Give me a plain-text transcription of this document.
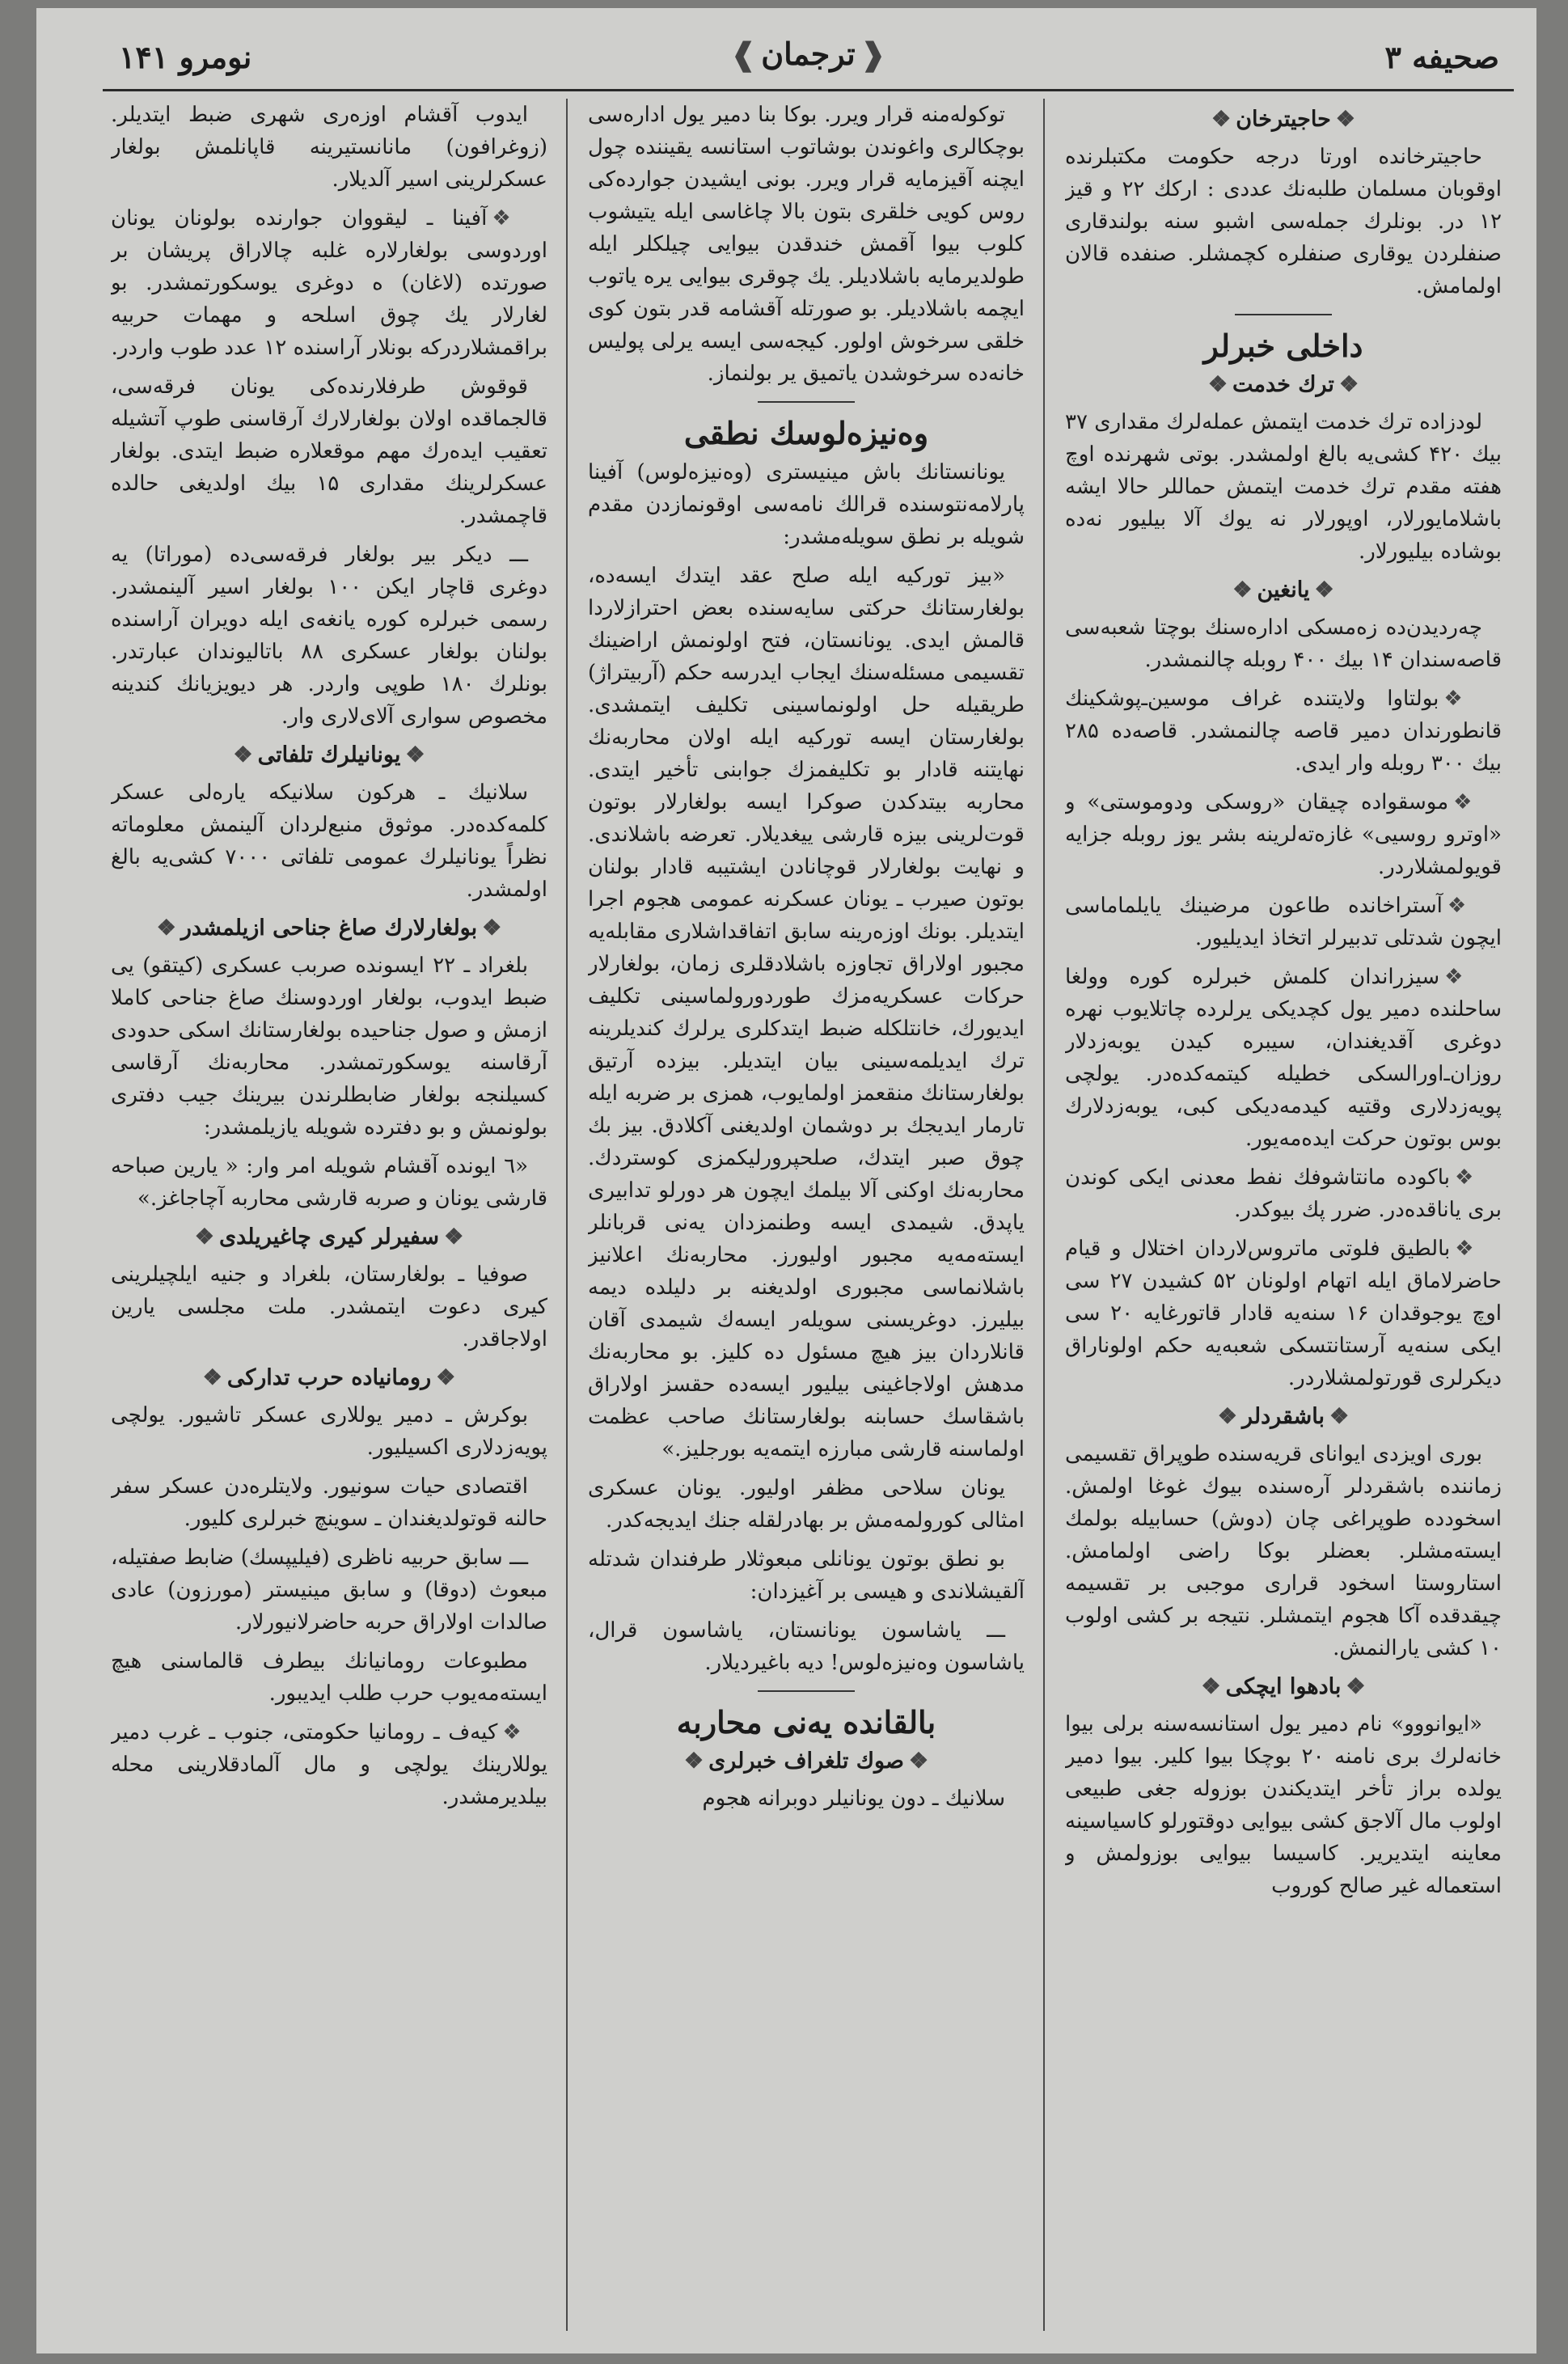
صحیفه ۳
❰ترجمان❱
نومرو ۱۴۱
❖حاجیترخان❖

حاجیترخانده اورتا درجه حکومت مکتبلرنده اوقوبان مسلمان طلبه‌نك عددی : ارکك ۲۲ و قیز ۱۲ در. بونلرك جمله‌سی اشبو سنه بولندقاری صنفلردن یوقاری صنفلره کچمشلر. صنفده قالان اولمامش.

داخلی خبرلر
❖ترك خدمت❖

لودزاده ترك خدمت ایتمش عمله‌لرك مقداری ۳۷ بیك ۴۲۰ کشی‌یه بالغ اولمشدر. بوتی شهرنده اوچ هفته مقدم ترك خدمت ایتمش حماللر حالا ایشه باشلامایورلار، اوپورلار نه یوك آلا بیلیور نه‌ده بوشاده بیلیورلار.

❖یانغین❖

چه‌ردیدن‌ده زه‌مسکی اداره‌سنك بوچتا شعبه‌سی قاصه‌سندان ۱۴ بیك ۴۰۰ روبله چالنمشدر.

❖بولتاوا ولایتنده غراف موسین‌ـ‌پوشکینك قانطورندان دمیر قاصه چالنمشدر. قاصه‌ده ۲۸۵ بیك ۳۰۰ روبله وار ایدی.

❖موسقواده چیقان «روسکی ودوموستی» و «اوترو روسیی» غازه‌ته‌لرینه بشر یوز روبله جزایه قویولمشلاردر.

❖آستراخانده طاعون مرضینك یایلماماسی ایچون شدتلی تدبیرلر اتخاذ ایدیلیور.

❖سیزراندان کلمش خبرلره کوره وولغا ساحلنده دمیر یول کچدیکی یرلرده چاتلایوب نهره دوغری آقدیغندان، سیبره کیدن یوبه‌زدلار روزان‌ـ‌اورالسکی خطیله کیتمه‌کده‌در. یولچی پویه‌زدلاری وقتیه کیدمه‌دیکی کبی، یوبه‌زدلارك بوس بوتون حرکت ایده‌مه‌یور.

❖باکوده مانتاشوفك نفط معدنی ایکی کوندن بری یاناقده‌در. ضرر پك بیوکدر.

❖بالطیق فلوتی ماتروس‌لاردان اختلال و قیام حاضرلاماق ایله اتهام اولونان ۵۲ کشیدن ۲۷ سی اوچ یوجوقدان ۱۶ سنه‌یه قادار قاتورغایه ۲۰ سی ایکی سنه‌یه آرستانتسکی شعبه‌یه حکم اولوناراق دیکرلری قورتولمشلاردر.

❖باشقردلر❖

بوری اویزدی ایوانای قریه‌سنده طوپراق تقسیمی زماننده باشقردلر آره‌سنده بیوك غوغا اولمش. اسخودده طوپراغی چان (دوش) حسابیله بولمك ایسته‌مشلر. بعضلر بوکا راضی اولمامش. استاروستا اسخود قراری موجبی بر تقسیمه چیقدقده آکا هجوم ایتمشلر. نتیجه بر کشی اولوب ۱۰ کشی یارالنمش.

❖بادهوا ایچکی❖

«ایوانووو» نام دمیر یول استانسه‌سنه برلی بیوا خانه‌لرك بری نامنه ۲۰ بوچکا بیوا کلیر. بیوا دمیر یولده براز تأخر ایتدیکندن بوزوله جغی طبیعی اولوب مال آلاجق کشی بیوایی دوقتورلو کاسیاسینه معاینه ایتدیریر. کاسیسا بیوایی بوزولمش و استعماله غیر صالح کوروب

توکوله‌منه قرار ویرر. بوکا بنا دمیر یول اداره‌سی بوچکالری واغوندن بوشاتوب استانسه یقیننده چول ایچنه آقیزمایه قرار ویرر. بونی ایشیدن جوارده‌کی روس کویی خلقری بتون بالا چاغاسی ایله یتیشوب کلوب بیوا آقمش خندقدن بیوایی چیلکلر ایله طولدیرمایه باشلادیلر. یك چوقری بیوایی یره یاتوب ایچمه باشلادیلر. بو صورتله آقشامه قدر بتون کوی خلقی سرخوش اولور. کیجه‌سی ایسه یرلی پولیس خانه‌ده سرخوشدن یاتمیق یر بولنماز.

وه‌نیزه‌لوسك نطقی

یونانستانك باش مینیستری (وه‌نیزه‌لوس) آفینا پارلامه‌نتوسنده قرالك نامه‌سی اوقونمازدن مقدم شویله بر نطق سویله‌مشدر:

«بیز تورکیه ایله صلح عقد ایتدك ایسه‌ده، بولغارستانك حرکتی سایه‌سنده بعض احتراز‌لاردا قالمش ایدی. یونانستان، فتح اولونمش اراضینك تقسیمی مسئله‌سنك ایجاب ایدرسه حکم (آربیتراژ) طریقیله حل اولونماسینی تکلیف ایتمشدی. بولغارستان ایسه تورکیه ایله اولان محاربه‌نك نهایتنه قادار بو تکلیفمزك جوابنی تأخیر ایتدی. محاربه بیتدکدن صوکرا ایسه بولغارلار بوتون قوت‌لرینی بیزه قارشی ییغدیلار. تعرضه باشلاندی. و نهایت بولغارلار قوچانادن ایشتیبه قادار بولنان بوتون صیرب ـ یونان عسکرنه عمومی هجوم اجرا ایتدیلر. بونك اوزه‌رینه سابق اتفاقداشلاری مقابله‌یه مجبور اولاراق تجاوزه باشلادقلری زمان، بولغارلار حرکات عسکریه‌مزك طوردورولماسینی تکلیف ایدیورك، خانتلکله ضبط ایتدکلری یرلرك کندیلرینه ترك ایدیلمه‌سینی بیان ایتدیلر. بیزده آرتیق بولغارستانك منقعمز اولمایوب، همزی بر ضربه ایله تارمار ایدیجك بر دوشمان اولدیغنی آکلادق. بیز بك چوق صبر ایتدك، صلحپرورلیکمزی کوستردك. محاربه‌نك اوکنی آلا بیلمك ایچون هر دورلو تدابیری یاپدق. شیمدی ایسه وطنمزدان یه‌نی قربانلر ایسته‌مه‌یه مجبور اولیورز. محاربه‌نك اعلانیز باشلانماسی مجبوری اولدیغنه بر دلیلده دیمه بیلیرز. دوغریسنی سویله‌ر ایسه‌ك شیمدی آقان قانلاردان بیز هیچ مسئول ده کلیز. بو محاربه‌نك مدهش اولاجاغینی بیلیور ایسه‌ده حقسز اولاراق باشقاسك حسابنه بولغارستانك صاحب عظمت اولماسنه قارشی مبارزه ایتمه‌یه بورجلیز.»

یونان سلاحی مظفر اولیور. یونان عسکری امثالی کورولمه‌مش بر بهادرلقله جنك ایدیجه‌کدر.

بو نطق بوتون یونانلی مبعوثلار طرفندان شدتله آلقیشلاندی و هیسی بر آغیزدان:

ـــ یاشاسون یونانستان، یاشاسون قرال، یاشاسون وه‌نیزه‌لوس! دیه باغیردیلار.

بالقانده یه‌نی محاربه
❖صوك تلغراف خبرلری❖

سلانیك ـ دون یونانیلر دوبرانه هجوم

ایدوب آقشام اوزه‌ری شهری ضبط ایتدیلر. (زوغرافون) مانانستیرینه قاپانلمش بولغار عسکرلرینی اسیر آلدیلار.

❖آفینا ـ لیقووان جوارنده بولونان یونان اوردوسی بولغارلاره غلبه چالاراق پریشان بر صورتده (لاغان) ه دوغری یوسکورتمشدر. بو لغارلار یك چوق اسلحه و مهمات حربیه براقمشلاردرکه بونلار آراسنده ۱۲ عدد طوب واردر.

قوقوش طرفلارنده‌کی یونان فرقه‌سی، قالجماقده اولان بولغارلارك آرقاسنی طوپ آتشیله تعقیب ایده‌رك مهم موقعلاره ضبط ایتدی. بولغار عسکرلرینك مقداری ۱۵ بیك اولدیغی حالده قاچمشدر.

ـــ دیکر بیر بولغار فرقه‌سی‌ده (موراتا) یه دوغری قاچار ایکن ۱۰۰ بولغار اسیر آلینمشدر. رسمی خبرلره کوره یانغه‌ی ایله دویران آراسنده بولنان بولغار عسکری ۸۸ باتالیوندان عبارتدر. بونلرك ۱۸۰ طوپی واردر. هر دیویزیانك کندینه مخصوص سواری آلای‌لاری وار.

❖یونانیلرك تلفاتی❖

سلانیك ـ هرکون سلانیکه یاره‌لی عسکر کلمه‌کده‌در. موثوق منبع‌لردان آلینمش معلوماته نظراً یونانیلرك عمومی تلفاتی ۷۰۰۰ کشی‌یه بالغ اولمشدر.

❖بولغارلارك صاغ جناحی ازیلمشدر❖

بلغراد ـ ۲۲ ایسونده صربب عسکری (کیتقو) یی ضبط ایدوب، بولغار اوردوسنك صاغ جناحی کاملا ازمش و صول جناحیده بولغارستانك اسکی حدودی آرقاسنه یوسکورتمشدر. محاربه‌نك آرقاسی کسیلنجه بولغار ضابطلرندن بیرینك جیب دفتری بولونمش و بو دفترده شویله یازیلمشدر:

«٦ ایونده آقشام شویله امر وار: « یارین صباحه قارشی یونان و صربه قارشی محاربه آچاجاغز.»

❖سفیرلر کیری چاغیریلدی❖

صوفیا ـ بولغارستان، بلغراد و جنیه ایلچیلرینی کیری دعوت ایتمشدر. ملت مجلسی یارین اولاجاقدر.

❖رومانیاده حرب تدارکی❖

بوکرش ـ دمیر یوللاری عسکر تاشیور. یولچی پویه‌زدلاری اکسیلیور.

اقتصادی حیات سونیور. ولایتلره‌دن عسکر سفر حالنه قوتولدیغندان ـ سوینچ خبرلری کلیور.

ـــ سابق حربیه ناظری (فیلیپسك) ضابط صفتیله، مبعوث (دوقا) و سابق مینیستر (مورزون) عادی صالدات اولاراق حربه حاضرلانیورلار.

مطبوعات رومانیانك بیطرف قالماسنی هیچ ایسته‌مه‌یوب حرب طلب ایدیبور.

❖کیه‌ف ـ رومانیا حکومتی، جنوب ـ غرب دمیر یوللارینك یولچی و مال آلمادقلارینی محله بیلدیرمشدر.
